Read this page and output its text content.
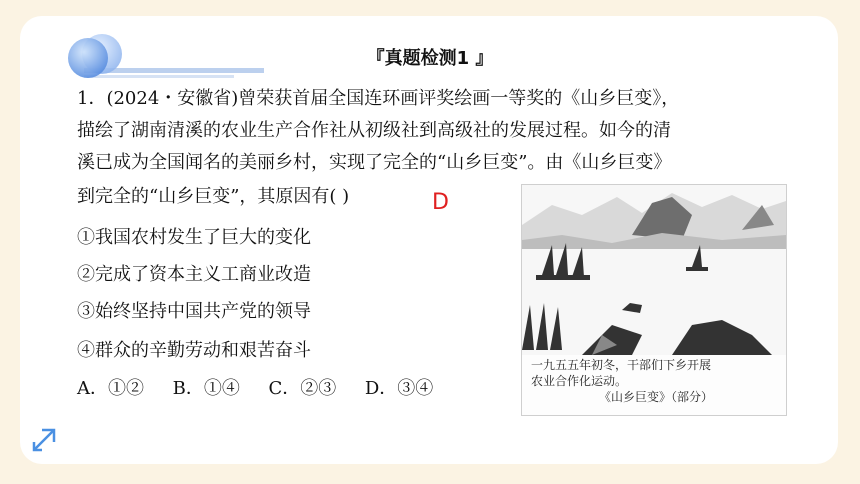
『真题检测1 』
1．(2024・安徽省)曾荣获首届全国连环画评奖绘画一等奖的《山乡巨变》，
描绘了湖南清溪的农业生产合作社从初级社到高级社的发展过程。如今的清
溪已成为全国闻名的美丽乡村，实现了完全的“山乡巨变”。由《山乡巨变》
到完全的“山乡巨变”，其原因有( )	D
①我国农村发生了巨大的变化
②完成了资本主义工商业改造
③始终坚持中国共产党的领导
④群众的辛勤劳动和艰苦奋斗
A．①②     B．①④     C．②③     D．③④
一九五五年初冬，干部们下乡开展
农业合作化运动。
《山乡巨变》（部分）
